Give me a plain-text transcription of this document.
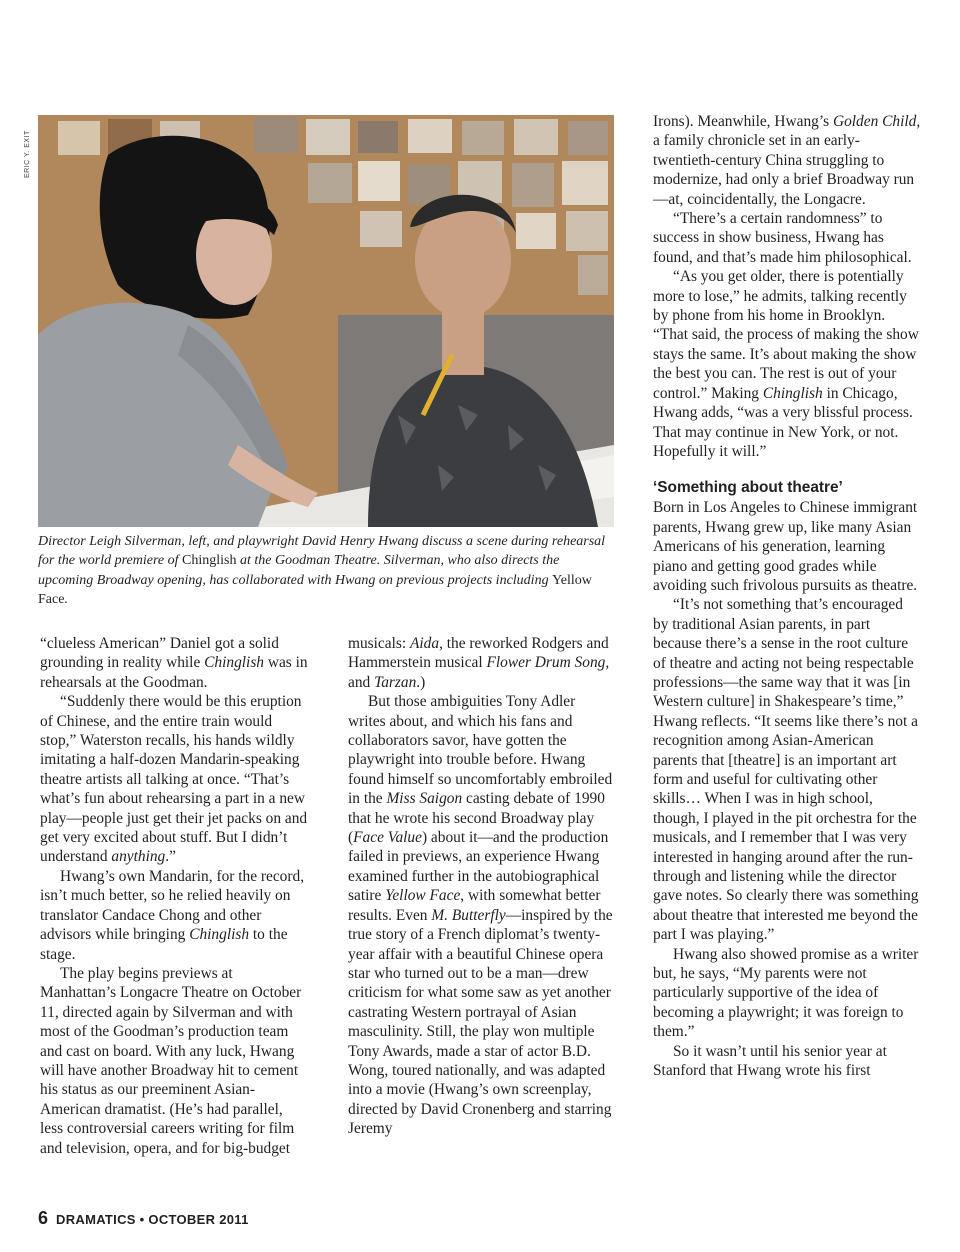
ERIC Y. EXIT

Director Leigh Silverman, left, and playwright David Henry Hwang discuss a scene during rehearsal for the world premiere of Chinglish at the Goodman Theatre. Silverman, who also directs the upcoming Broadway opening, has collaborated with Hwang on previous projects including Yellow Face.

“clueless American” Daniel got a solid grounding in reality while Chinglish was in rehearsals at the Goodman.

“Suddenly there would be this eruption of Chinese, and the entire train would stop,” Waterston recalls, his hands wildly imitating a half-dozen Mandarin-speaking theatre artists all talking at once. “That’s what’s fun about rehearsing a part in a new play—people just get their jet packs on and get very excited about stuff. But I didn’t understand anything.”

Hwang’s own Mandarin, for the record, isn’t much better, so he relied heavily on translator Candace Chong and other advisors while bringing Chinglish to the stage.

The play begins previews at Manhattan’s Longacre Theatre on October 11, directed again by Silverman and with most of the Goodman’s production team and cast on board. With any luck, Hwang will have another Broadway hit to cement his status as our preeminent Asian-American dramatist. (He’s had parallel, less controversial careers writing for film and television, opera, and for big-budget

musicals: Aida, the reworked Rodgers and Hammerstein musical Flower Drum Song, and Tarzan.)

But those ambiguities Tony Adler writes about, and which his fans and collaborators savor, have gotten the playwright into trouble before. Hwang found himself so uncomfortably embroiled in the Miss Saigon casting debate of 1990 that he wrote his second Broadway play (Face Value) about it—and the production failed in previews, an experience Hwang examined further in the autobiographical satire Yellow Face, with somewhat better results. Even M. Butterfly—inspired by the true story of a French diplomat’s twenty-year affair with a beautiful Chinese opera star who turned out to be a man—drew criticism for what some saw as yet another castrating Western portrayal of Asian masculinity. Still, the play won multiple Tony Awards, made a star of actor B.D. Wong, toured nationally, and was adapted into a movie (Hwang’s own screenplay, directed by David Cronenberg and starring Jeremy

Irons). Meanwhile, Hwang’s Golden Child, a family chronicle set in an early-twentieth-century China struggling to modernize, had only a brief Broadway run—at, coincidentally, the Longacre.

“There’s a certain randomness” to success in show business, Hwang has found, and that’s made him philosophical.

“As you get older, there is potentially more to lose,” he admits, talking recently by phone from his home in Brooklyn. “That said, the process of making the show stays the same. It’s about making the show the best you can. The rest is out of your control.” Making Chinglish in Chicago, Hwang adds, “was a very blissful process. That may continue in New York, or not. Hopefully it will.”

‘Something about theatre’

Born in Los Angeles to Chinese immigrant parents, Hwang grew up, like many Asian Americans of his generation, learning piano and getting good grades while avoiding such frivolous pursuits as theatre.

“It’s not something that’s encouraged by traditional Asian parents, in part because there’s a sense in the root culture of theatre and acting not being respectable professions—the same way that it was [in Western culture] in Shakespeare’s time,” Hwang reflects. “It seems like there’s not a recognition among Asian-American parents that [theatre] is an important art form and useful for cultivating other skills… When I was in high school, though, I played in the pit orchestra for the musicals, and I remember that I was very interested in hanging around after the run-through and listening while the director gave notes. So clearly there was something about theatre that interested me beyond the part I was playing.”

Hwang also showed promise as a writer but, he says, “My parents were not particularly supportive of the idea of becoming a playwright; it was foreign to them.”

So it wasn’t until his senior year at Stanford that Hwang wrote his first

6 DRAMATICS • OCTOBER 2011
